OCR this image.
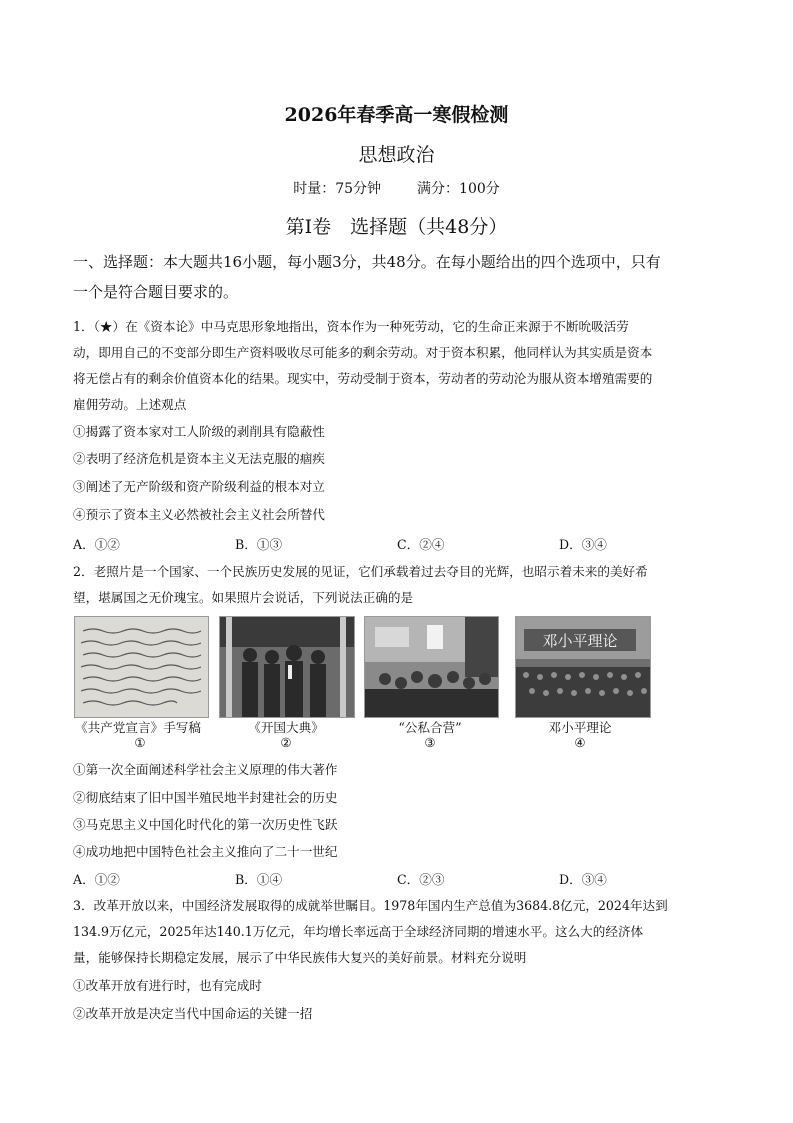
2026年春季高一寒假检测
思想政治
时量：75分钟	满分：100分
第Ⅰ卷　选择题（共48分）
一、选择题：本大题共16小题，每小题3分，共48分。在每小题给出的四个选项中，只有
一个是符合题目要求的。
1．（★）在《资本论》中马克思形象地指出，资本作为一种死劳动，它的生命正来源于不断吮吸活劳
动，即用自己的不变部分即生产资料吸收尽可能多的剩余劳动。对于资本积累，他同样认为其实质是资本
将无偿占有的剩余价值资本化的结果。现实中，劳动受制于资本，劳动者的劳动沦为服从资本增殖需要的
雇佣劳动。上述观点
①揭露了资本家对工人阶级的剥削具有隐蔽性
②表明了经济危机是资本主义无法克服的痼疾
③阐述了无产阶级和资产阶级利益的根本对立
④预示了资本主义必然被社会主义社会所替代
A．①②	B．①③	C．②④	D．③④
2．老照片是一个国家、一个民族历史发展的见证，它们承载着过去夺目的光辉，也昭示着未来的美好希
望，堪属国之无价瑰宝。如果照片会说话，下列说法正确的是
邓小平理论
《共产党宣言》手写稿	《开国大典》	“公私合营”	邓小平理论
①	②	③	④
①第一次全面阐述科学社会主义原理的伟大著作
②彻底结束了旧中国半殖民地半封建社会的历史
③马克思主义中国化时代化的第一次历史性飞跃
④成功地把中国特色社会主义推向了二十一世纪
A．①②	B．①④	C．②③	D．③④
3．改革开放以来，中国经济发展取得的成就举世瞩目。1978年国内生产总值为3684.8亿元，2024年达到
134.9万亿元，2025年达140.1万亿元，年均增长率远高于全球经济同期的增速水平。这么大的经济体
量，能够保持长期稳定发展，展示了中华民族伟大复兴的美好前景。材料充分说明
①改革开放有进行时，也有完成时
②改革开放是决定当代中国命运的关键一招
